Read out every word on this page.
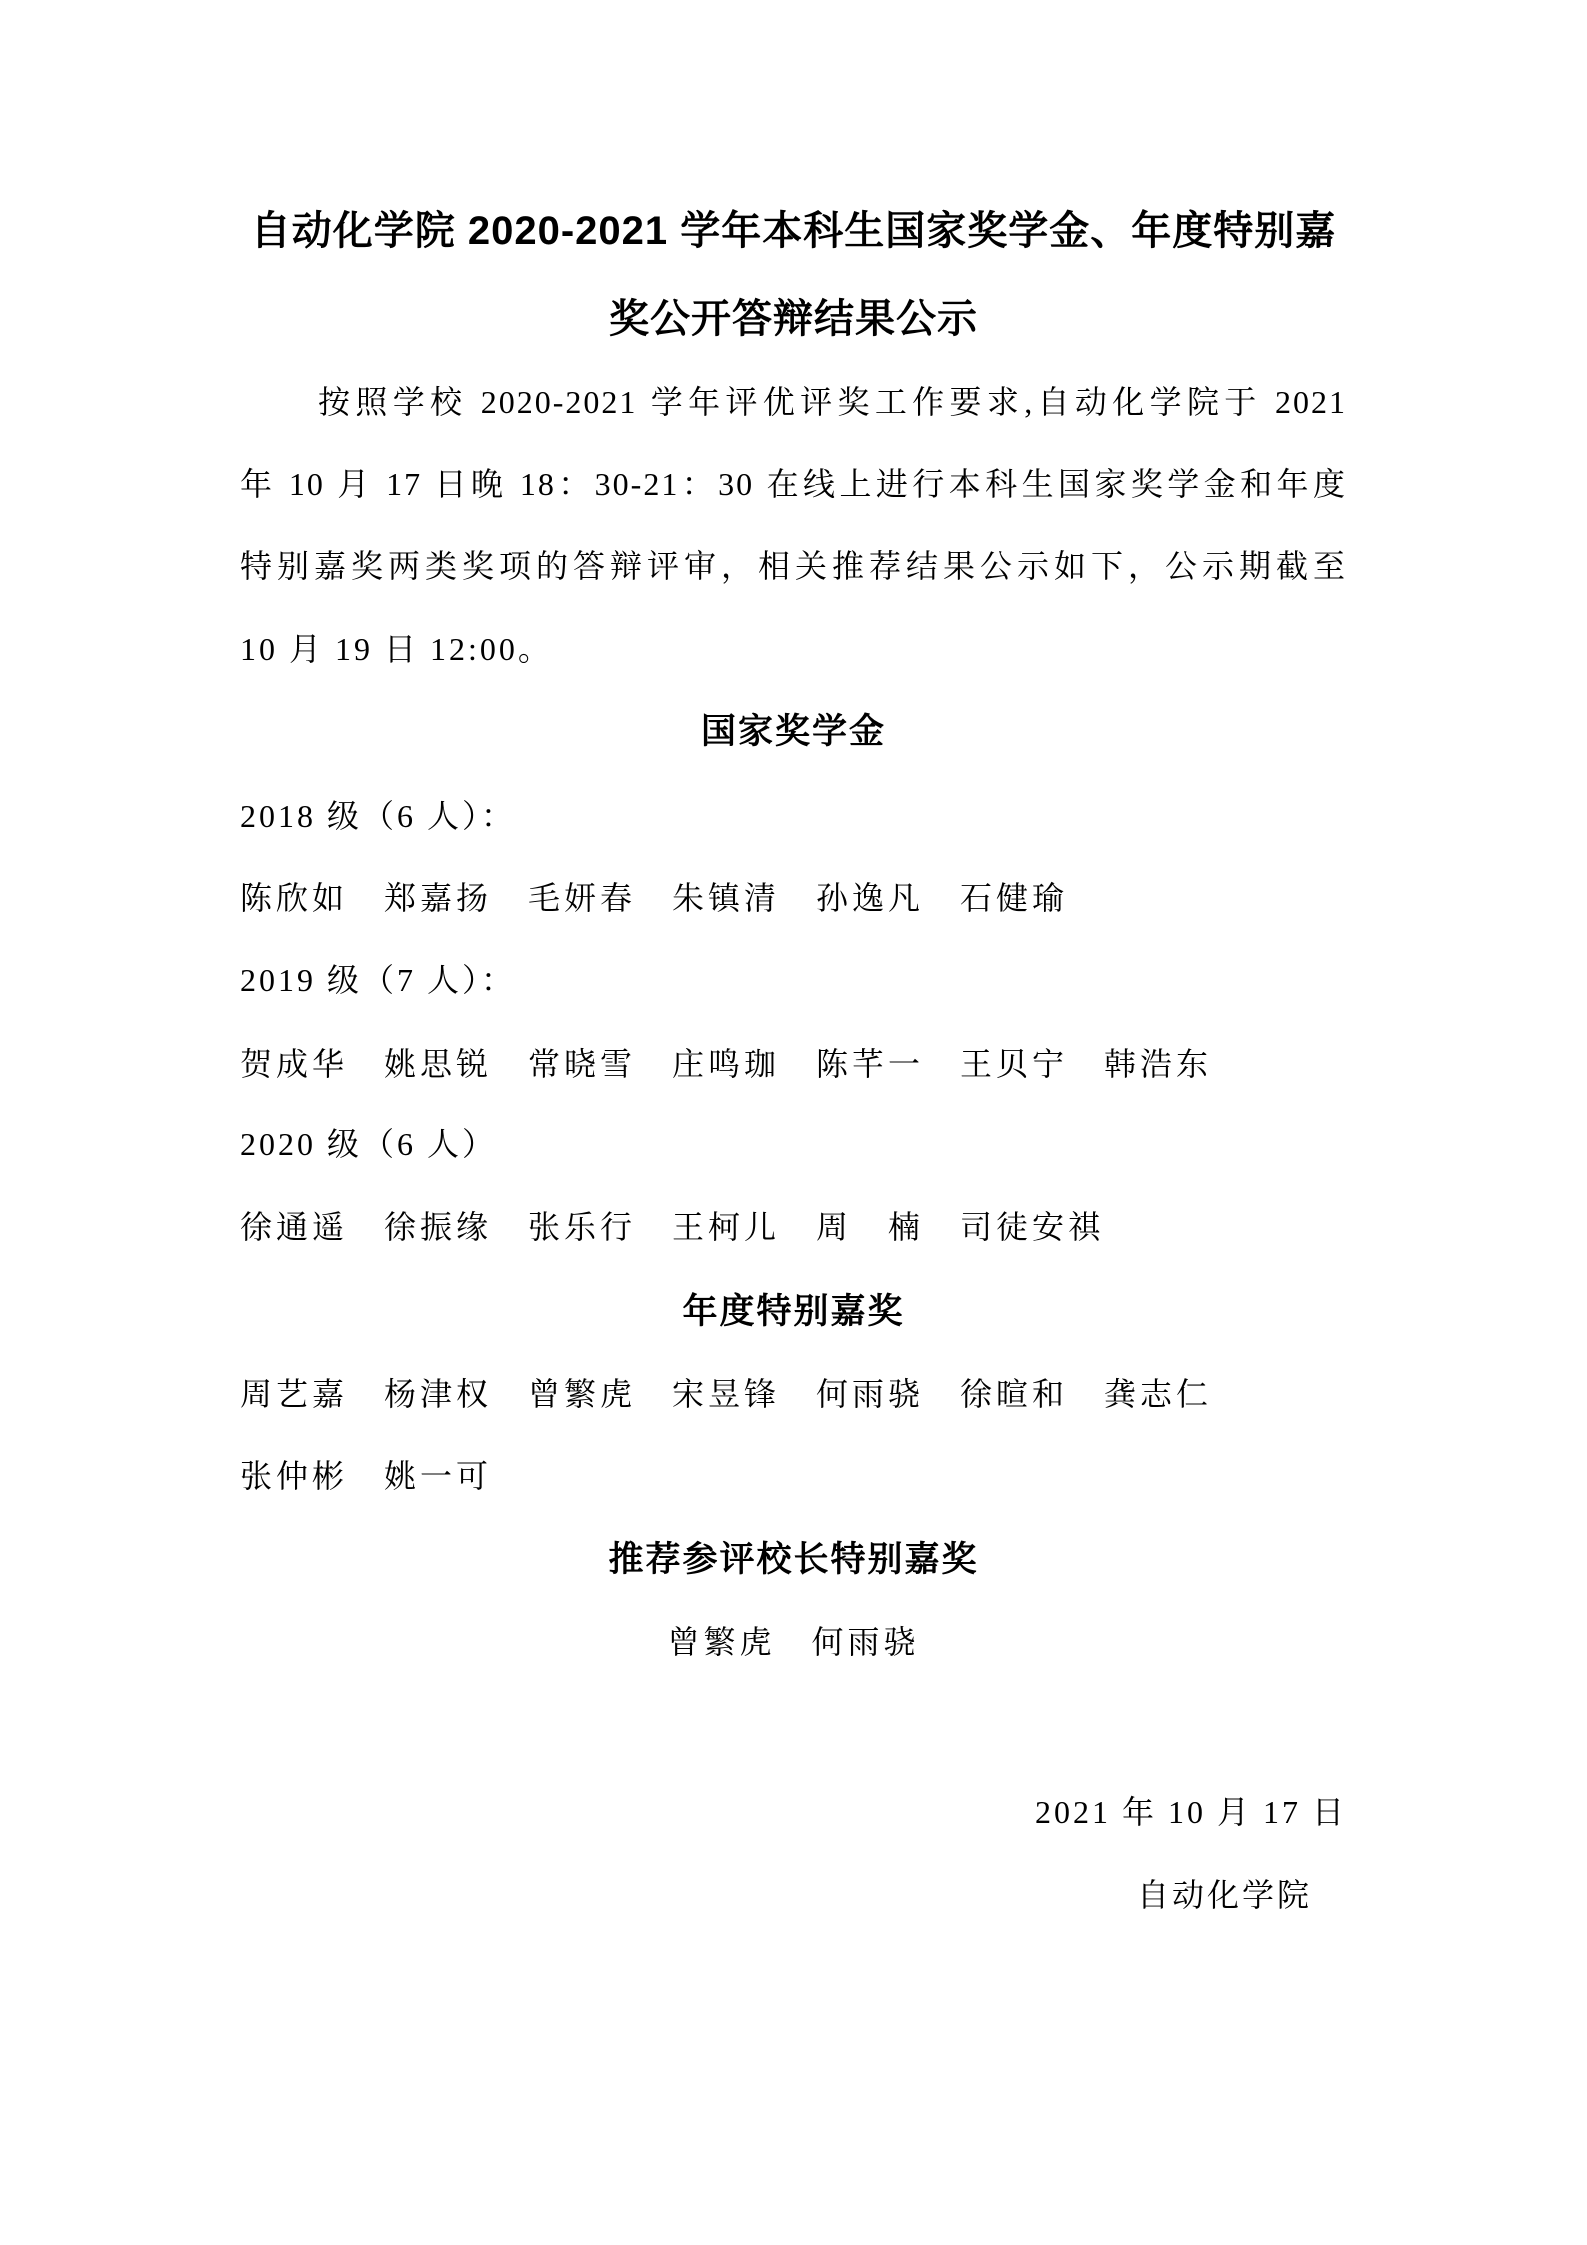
自动化学院 2020-2021 学年本科生国家奖学金、年度特别嘉
奖公开答辩结果公示
按照学校 2020-2021 学年评优评奖工作要求,自动化学院于 2021
年 10 月 17 日晚 18：30-21：30 在线上进行本科生国家奖学金和年度
特别嘉奖两类奖项的答辩评审，相关推荐结果公示如下，公示期截至
10 月 19 日 12:00。
国家奖学金
2018 级（6 人）：
陈欣如　郑嘉扬　毛妍春　朱镇清　孙逸凡　石健瑜
2019 级（7 人）：
贺成华　姚思锐　常晓雪　庄鸣珈　陈芊一　王贝宁　韩浩东
2020 级（6 人）
徐通遥　徐振缘　张乐行　王柯儿　周　楠　司徒安祺
年度特别嘉奖
周艺嘉　杨津权　曾繁虎　宋昱锋　何雨骁　徐暄和　龚志仁
张仲彬　姚一可
推荐参评校长特别嘉奖
曾繁虎　何雨骁
2021 年 10 月 17 日
自动化学院
